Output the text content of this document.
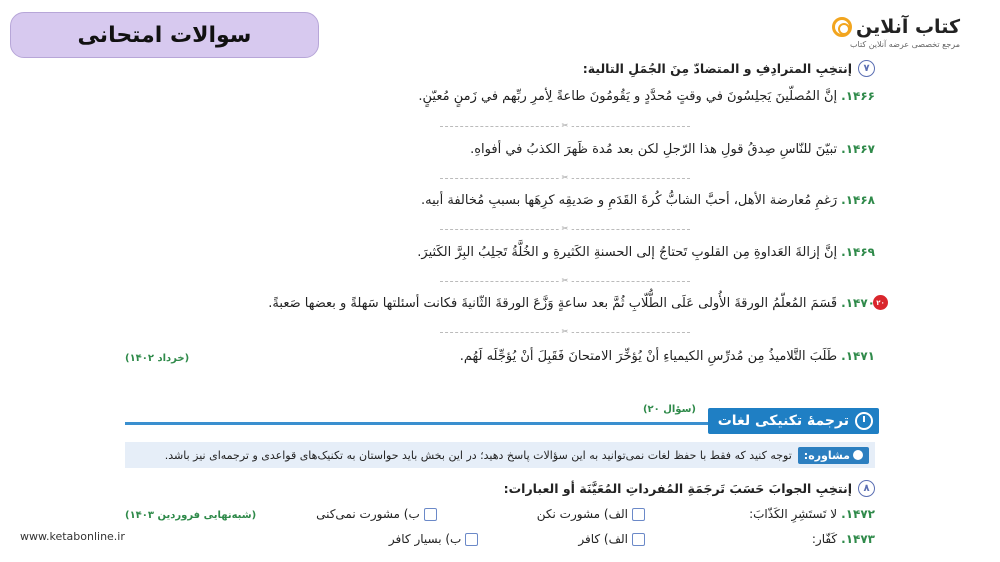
سوالات امتحانی	کتاب آنلاین
مرجع تخصصی عرضه آنلاین کتاب
۷
إنتخِبِ المترادِفِ و المتضادّ مِنَ الجُمَلِ التالیة:
۱۴۶۶.
إنَّ المُصلّینَ یَجلِسُونَ في وقتٍ مُحدَّدٍ و یَقُومُونَ طاعةً لِأمرِ ربِّهم في زَمنٍ مُعیّنٍ.
✂
۱۴۶۷.
تبیّنَ للنّاسِ صِدقُ قولِ هذا الرّجلِ لکن بعد مُدة ظَهرَ الکذبُ في أفواهِ.
✂
۱۴۶۸.
رَغمِ مُعارضة الأهل، أحبَّ الشابُّ کُرةَ القَدَمِ و صَدیقِه کرِهَها بسببِ مُخالفة أبیه.
✂
۱۴۶۹.
إنَّ إزالةَ العَداوةِ مِن القلوبِ تَحتاجُ إلی الحسنةِ الکَثیرةِ و الخُلَّةُ تَجلِبُ البِرَّ الکَثیرَ.
✂
۲۰
۱۴۷۰.
قَسَمَ المُعلّمُ الورقةَ الأُولی عَلَی الطُّلّابِ ثُمَّ بعد ساعةٍ وَزَّعَ الورقةَ الثّانیةَ فکانت أسئلتها سَهلةً و بعضها صَعبةً.
✂
۱۴۷۱.
طَلَبَ التَّلامیذُ مِن مُدرِّسِ الکیمیاءِ أنْ یُؤخِّرَ الامتحانَ فَقَبِلَ أنْ یُؤجِّلَه لَهُم.
(خرداد ۱۴۰۲)
ترجمهٔ تکنیکی لغات
(۲۰ سؤال)
مشاوره:
توجه کنید که فقط با حفظ لغات نمی‌توانید به این سؤالات پاسخ دهید؛ در این بخش باید حواستان به تکنیک‌های قواعدی و ترجمه‌ای نیز باشد.
۸
إنتخِبِ الجوابَ حَسَبَ تَرجَمَةِ المُفرداتِ المُعَیَّنَة أو العبارات:
۱۴۷۲.
لا تَستَشِرِ الکَذّابَ:
الف) مشورت نکن
ب) مشورت نمی‌کنی
(شبه‌نهایی فروردین ۱۴۰۳)
۱۴۷۳.
کَفّار:
الف) کافر
ب) بسیار کافر
www.ketabonline.ir
